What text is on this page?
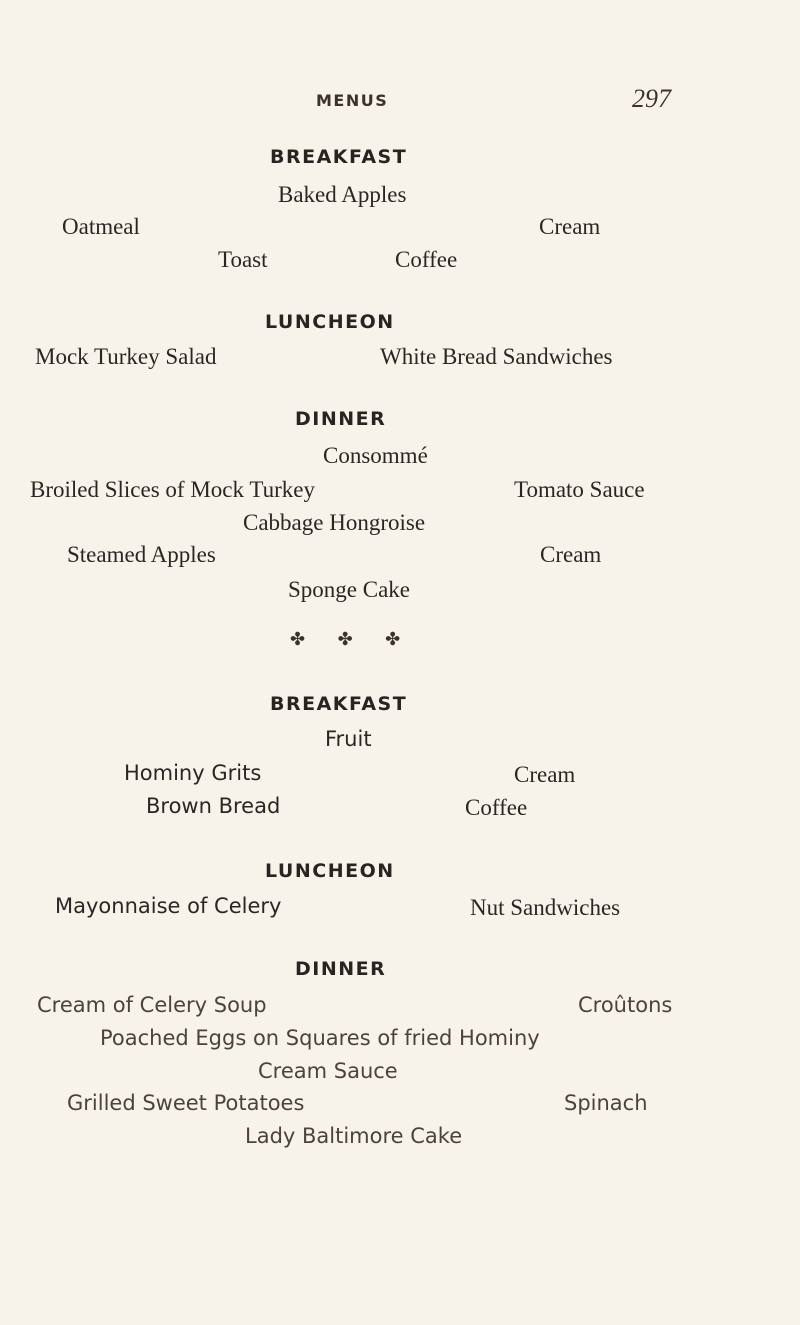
MENUS	297

BREAKFAST

Baked Apples

Oatmeal	Cream

Toast	Coffee

LUNCHEON

Mock Turkey Salad	White Bread Sandwiches

DINNER

Consommé

Broiled Slices of Mock Turkey	Tomato Sauce

Cabbage Hongroise

Steamed Apples	Cream

Sponge Cake

✤ ✤ ✤

BREAKFAST

Fruit

Hominy Grits	Cream

Brown Bread	Coffee

LUNCHEON

Mayonnaise of Celery	Nut Sandwiches

DINNER

Cream of Celery Soup	Croûtons

Poached Eggs on Squares of fried Hominy

Cream Sauce

Grilled Sweet Potatoes	Spinach

Lady Baltimore Cake
